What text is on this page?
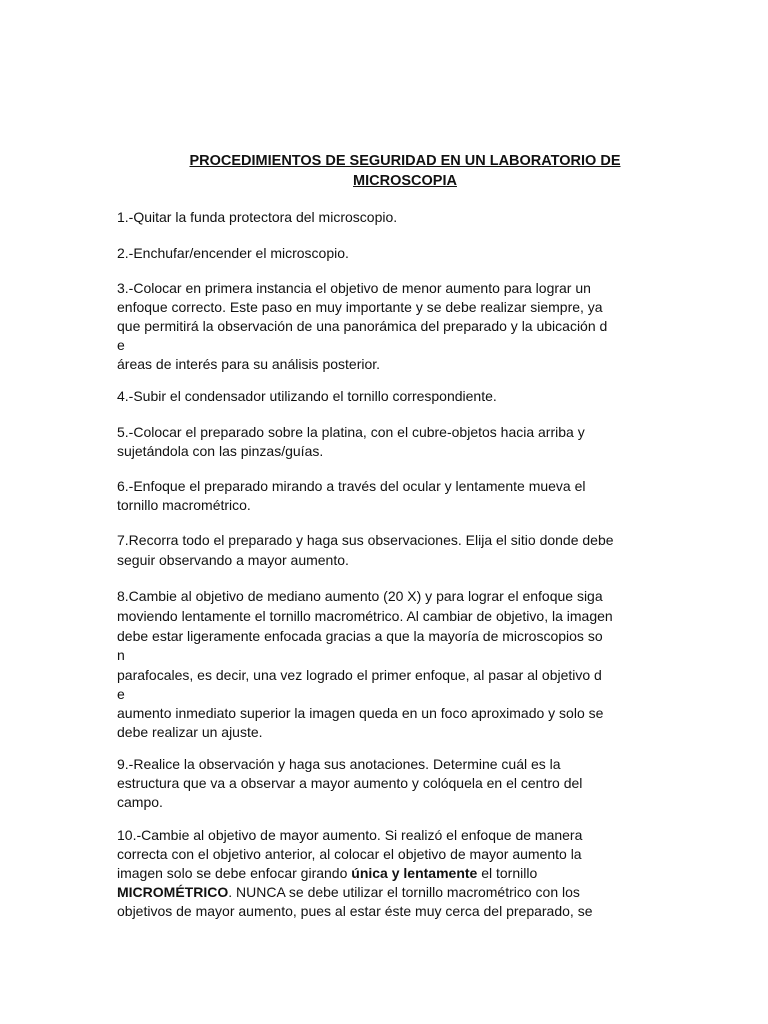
PROCEDIMIENTOS DE SEGURIDAD EN UN LABORATORIO DE
MICROSCOPIA

1.-Quitar la funda protectora del microscopio.

2.-Enchufar/encender el microscopio.

3.-Colocar en primera instancia el objetivo de menor aumento para lograr un
enfoque correcto. Este paso en muy importante y se debe realizar siempre, ya
que permitirá la observación de una panorámica del preparado y la ubicación d
e
áreas de interés para su análisis posterior.

4.-Subir el condensador utilizando el tornillo correspondiente.

5.-Colocar el preparado sobre la platina, con el cubre-objetos hacia arriba y
sujetándola con las pinzas/guías.

6.-Enfoque el preparado mirando a través del ocular y lentamente mueva el
tornillo macrométrico.

7.Recorra todo el preparado y haga sus observaciones. Elija el sitio donde debe
seguir observando a mayor aumento.

8.Cambie al objetivo de mediano aumento (20 X) y para lograr el enfoque siga
moviendo lentamente el tornillo macrométrico. Al cambiar de objetivo, la imagen
debe estar ligeramente enfocada gracias a que la mayoría de microscopios so
n
parafocales, es decir, una vez logrado el primer enfoque, al pasar al objetivo d
e
aumento inmediato superior la imagen queda en un foco aproximado y solo se
debe realizar un ajuste.

9.-Realice la observación y haga sus anotaciones. Determine cuál es la
estructura que va a observar a mayor aumento y colóquela en el centro del
campo.

10.-Cambie al objetivo de mayor aumento. Si realizó el enfoque de manera
correcta con el objetivo anterior, al colocar el objetivo de mayor aumento la
imagen solo se debe enfocar girando única y lentamente el tornillo
MICROMÉTRICO. NUNCA se debe utilizar el tornillo macrométrico con los
objetivos de mayor aumento, pues al estar éste muy cerca del preparado, se
